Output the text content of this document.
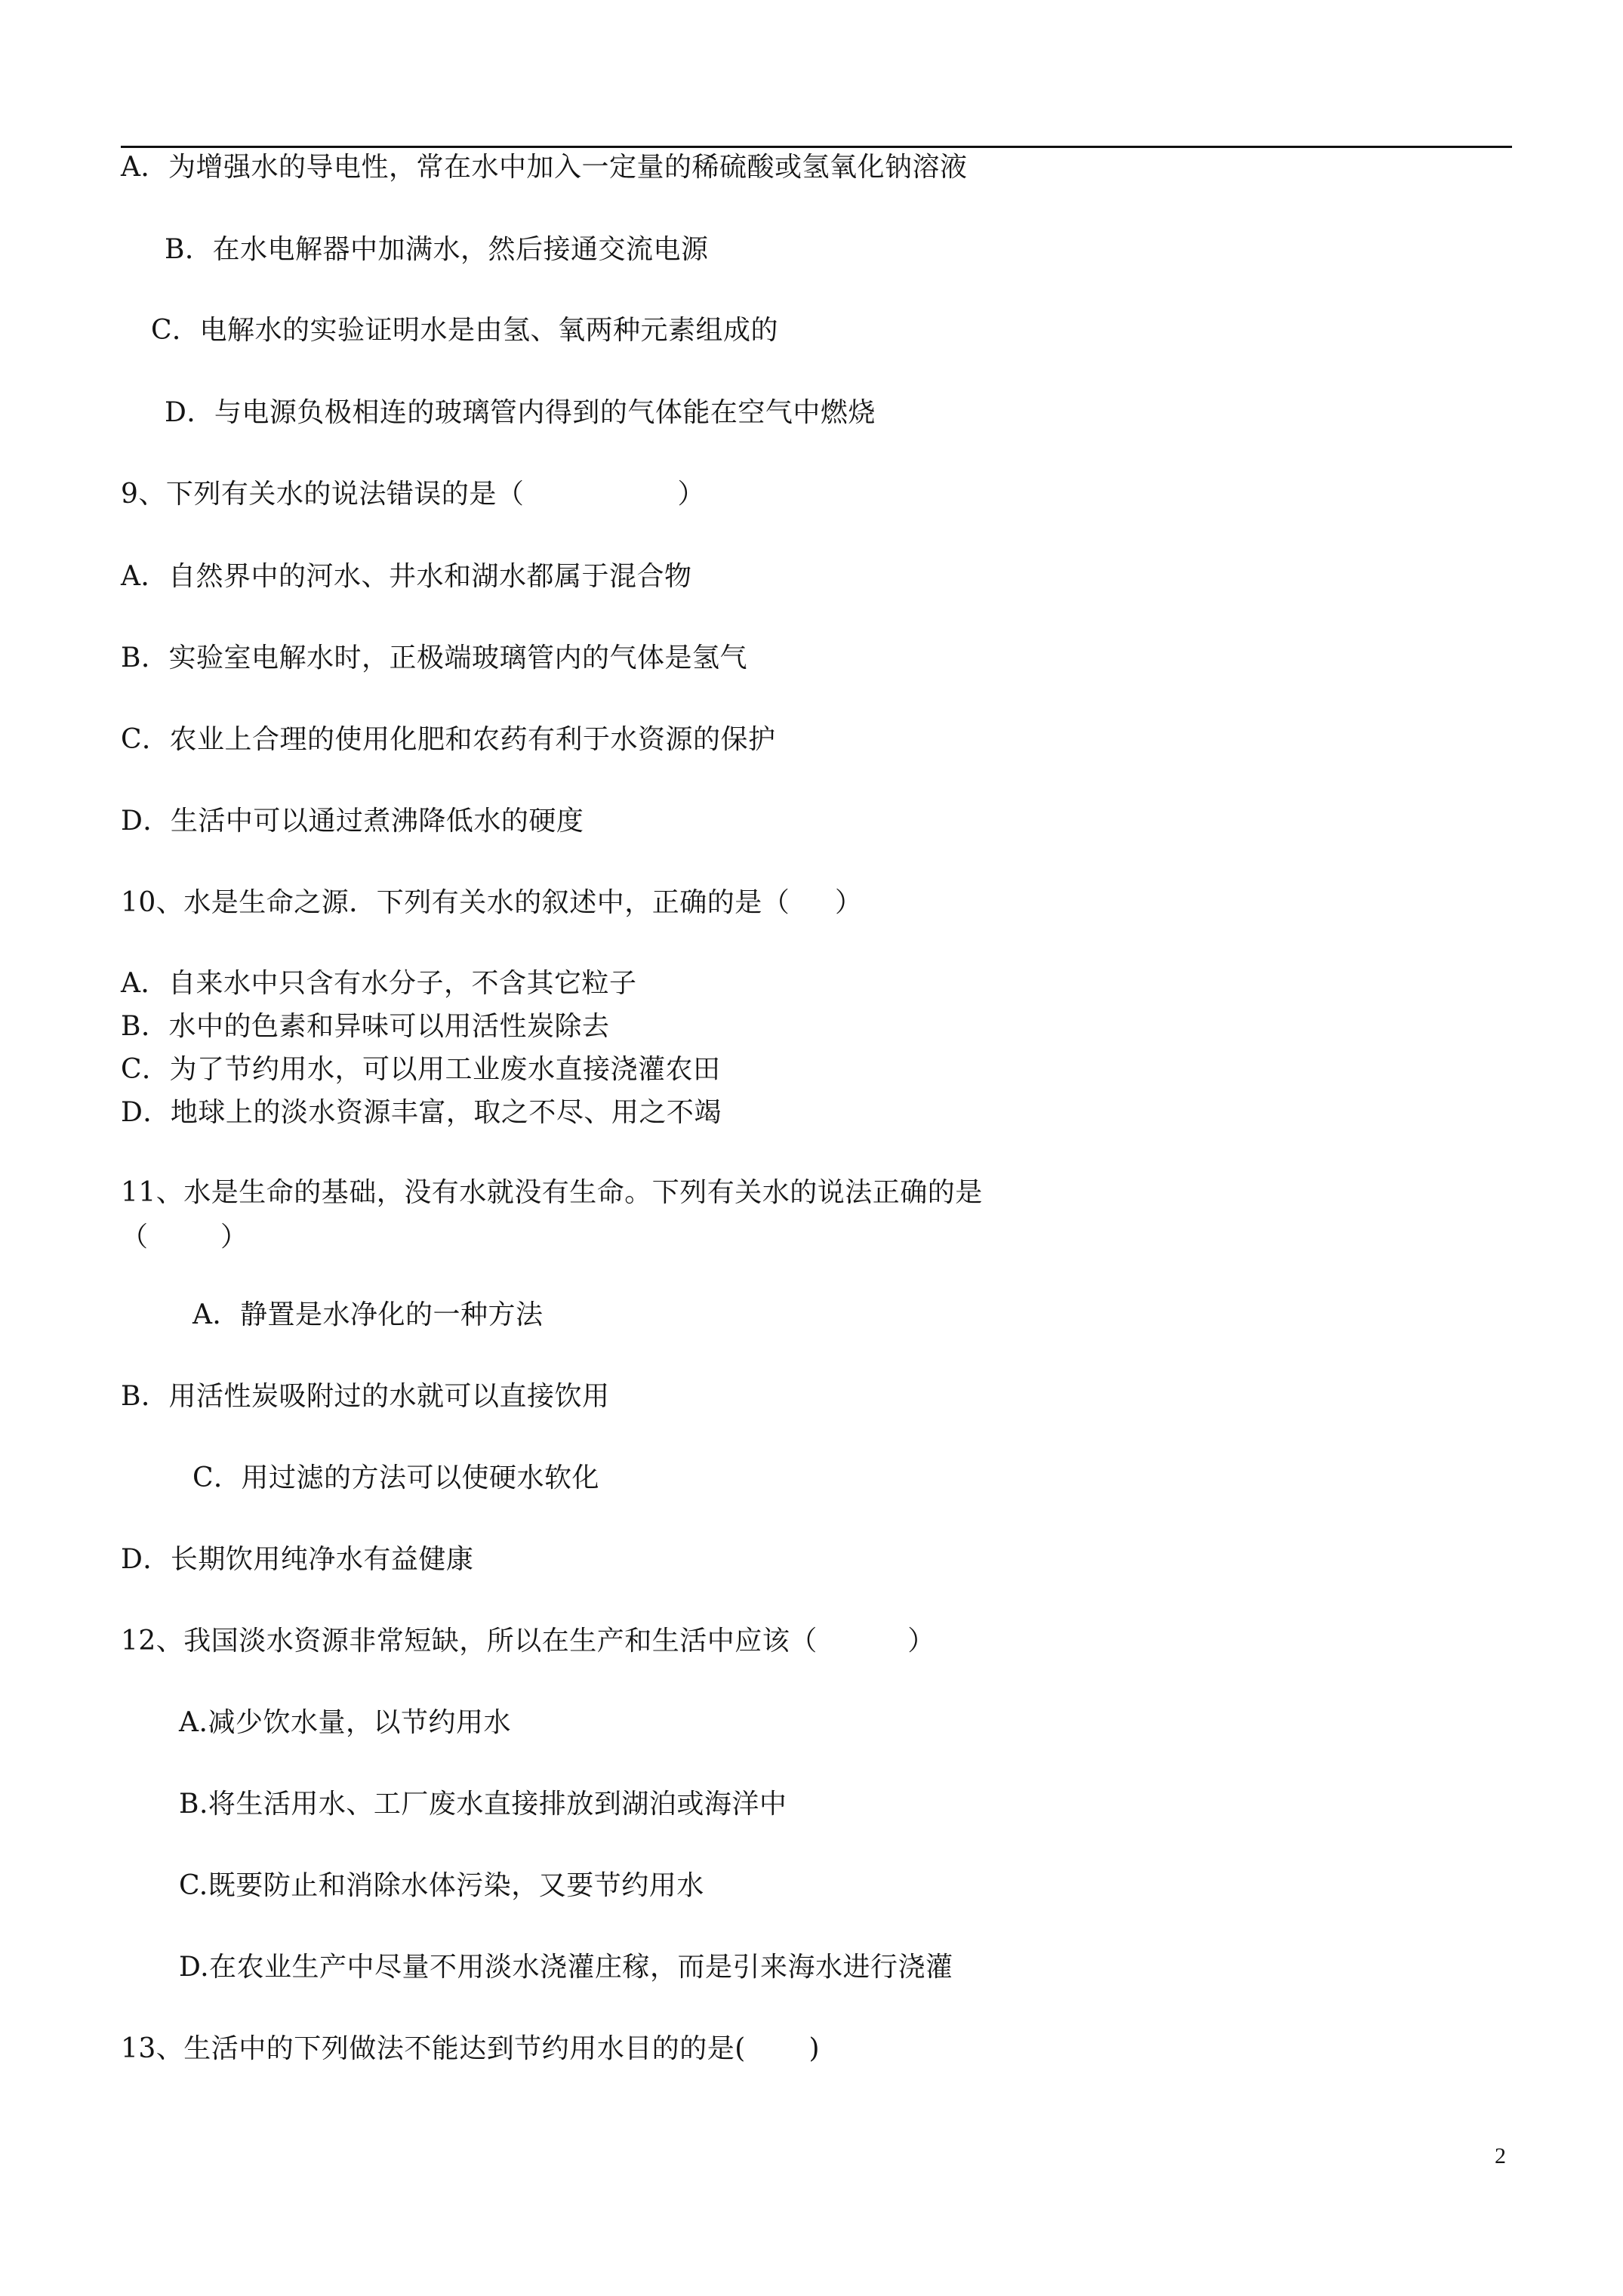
A．为增强水的导电性，常在水中加入一定量的稀硫酸或氢氧化钠溶液
B．在水电解器中加满水，然后接通交流电源
C．电解水的实验证明水是由氢、氧两种元素组成的
D．与电源负极相连的玻璃管内得到的气体能在空气中燃烧
9、下列有关水的说法错误的是（                 ）
A．自然界中的河水、井水和湖水都属于混合物
B．实验室电解水时，正极端玻璃管内的气体是氢气
C．农业上合理的使用化肥和农药有利于水资源的保护
D．生活中可以通过煮沸降低水的硬度
10、水是生命之源．下列有关水的叙述中，正确的是（     ）
A．自来水中只含有水分子，不含其它粒子
B．水中的色素和异味可以用活性炭除去
C．为了节约用水，可以用工业废水直接浇灌农田
D．地球上的淡水资源丰富，取之不尽、用之不竭
11、水是生命的基础，没有水就没有生命。下列有关水的说法正确的是
（        ）
A．静置是水净化的一种方法
B．用活性炭吸附过的水就可以直接饮用
C．用过滤的方法可以使硬水软化
D．长期饮用纯净水有益健康
12、我国淡水资源非常短缺，所以在生产和生活中应该（          ）
A.减少饮水量，以节约用水
B.将生活用水、工厂废水直接排放到湖泊或海洋中
C.既要防止和消除水体污染，又要节约用水
D.在农业生产中尽量不用淡水浇灌庄稼，而是引来海水进行浇灌
13、生活中的下列做法不能达到节约用水目的的是(       )
2
